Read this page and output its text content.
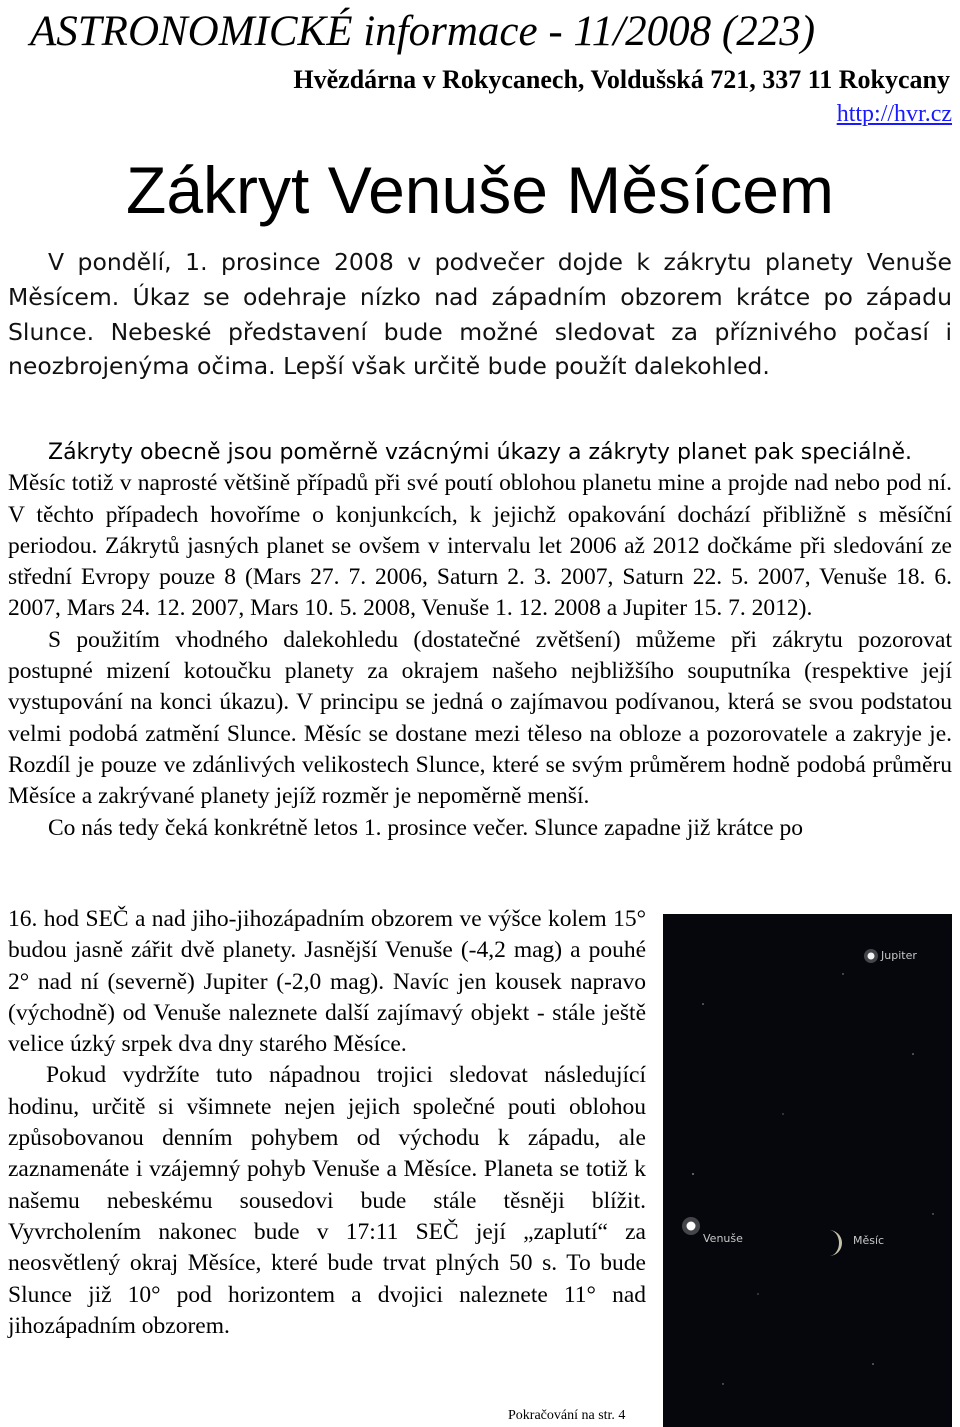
ASTRONOMICKÉ informace - 11/2008 (223)
Hvězdárna v Rokycanech, Voldušská 721, 337 11 Rokycany
http://hvr.cz
Zákryt Venuše Měsícem

V pondělí, 1. prosince 2008 v podvečer dojde k zákrytu planety Venuše Měsícem. Úkaz se odehraje nízko nad západním obzorem krátce po západu Slunce. Nebeské představení bude možné sledovat za příznivého počasí i neozbrojenýma očima. Lepší však určitě bude použít dalekohled.

Zákryty obecně jsou poměrně vzácnými úkazy a zákryty planet pak speciálně.

Měsíc totiž v naprosté většině případů při své poutí oblohou planetu mine a projde nad nebo pod ní. V těchto případech hovoříme o konjunkcích, k jejichž opakování dochází přibližně s měsíční periodou. Zákrytů jasných planet se ovšem v intervalu let 2006 až 2012 dočkáme při sledování ze střední Evropy pouze 8 (Mars 27. 7. 2006, Saturn 2. 3. 2007, Saturn 22. 5. 2007, Venuše 18. 6. 2007, Mars 24. 12. 2007, Mars 10. 5. 2008, Venuše 1. 12. 2008 a Jupiter 15. 7. 2012).

S použitím vhodného dalekohledu (dostatečné zvětšení) můžeme při zákrytu pozorovat postupné mizení kotoučku planety za okrajem našeho nejbližšího souputníka (respektive její vystupování na konci úkazu). V principu se jedná o zajímavou podívanou, která se svou podstatou velmi podobá zatmění Slunce. Měsíc se dostane mezi těleso na obloze a pozorovatele a zakryje je. Rozdíl je pouze ve zdánlivých velikostech Slunce, které se svým průměrem hodně podobá průměru Měsíce a zakrývané planety jejíž rozměr je nepoměrně menší.

Co nás tedy čeká konkrétně letos 1. prosince večer. Slunce zapadne již krátce po

16. hod SEČ a nad jiho-jihozápadním obzorem ve výšce kolem 15° budou jasně zářit dvě planety. Jasnější Venuše (-4,2 mag) a pouhé 2° nad ní (severně) Jupiter (-2,0 mag). Navíc jen kousek napravo (východně) od Venuše naleznete další zajímavý objekt - stále ještě velice úzký srpek dva dny starého Měsíce.

Pokud vydržíte tuto nápadnou trojici sledovat následující hodinu, určitě si všimnete nejen jejich společné pouti oblohou způsobovanou denním pohybem od východu k západu, ale zaznamenáte i vzájemný pohyb Venuše a Měsíce. Planeta se totiž k našemu nebeskému sousedovi bude stále těsněji blížit. Vyvrcholením nakonec bude v 17:11 SEČ její „zaplutí“ za neosvětlený okraj Měsíce, které bude trvat plných 50 s. To bude Slunce již 10° pod horizontem a dvojici naleznete 11° nad jihozápadním obzorem.

Pokračování na str. 4
Jupiter
Venuše	Měsíc
